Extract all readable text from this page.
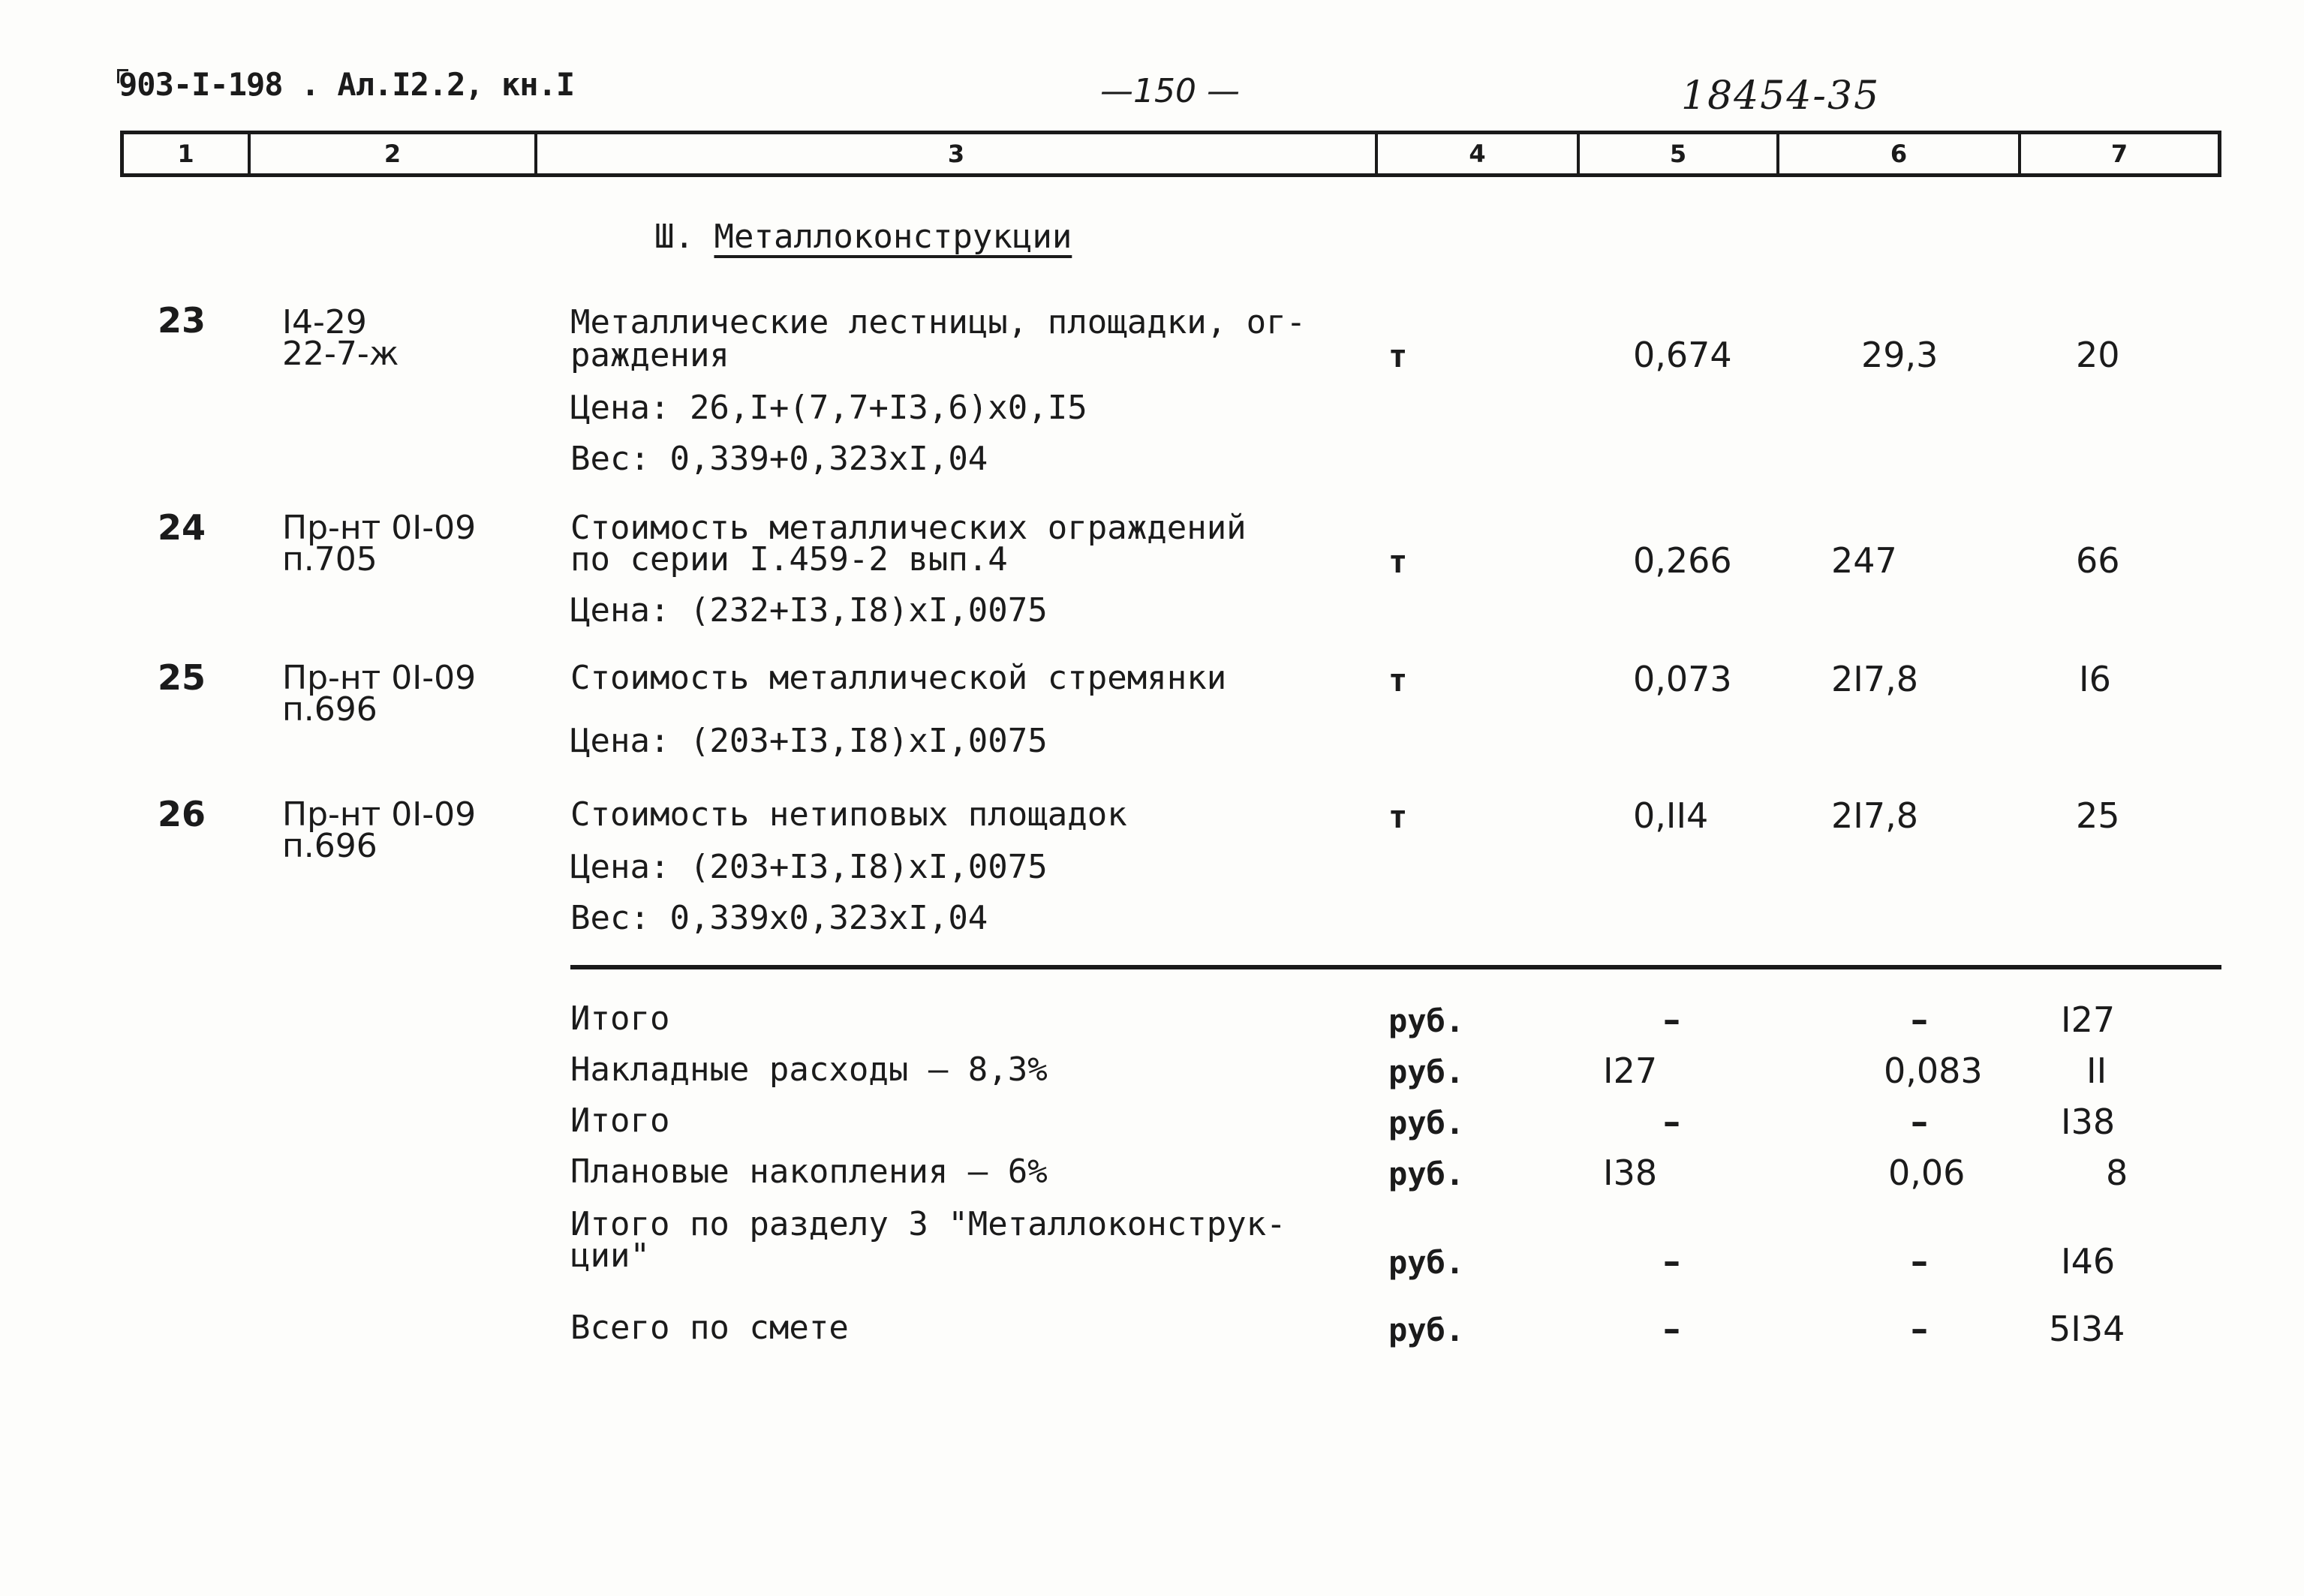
903-I-198 . Ал.I2.2, кн.I	—150 —	18454-35
1	2	3	4	5	6	7
Ш. Металлоконструкции
23 I4-29
22-7-ж
Металлические лестницы, площадки, ог-
раждения
Цена: 26,I+(7,7+I3,6)x0,I5
Вес: 0,339+0,323xI,04
т	0,674	29,3	20
24 Пр-нт 0I-09
п.705
Стоимость металлических ограждений
по серии I.459-2 вып.4
Цена: (232+I3,I8)xI,0075
т	0,266	247	66
25 Пр-нт 0I-09
п.696
Стоимость металлической стремянки
Цена: (203+I3,I8)xI,0075
т	0,073	2I7,8	I6
26 Пр-нт 0I-09
п.696
Стоимость нетиповых площадок
Цена: (203+I3,I8)xI,0075
Вес: 0,339x0,323xI,04
т	0,II4	2I7,8	25
Итого	руб.	–	–	I27
Накладные расходы – 8,3%	руб.	I27	0,083	II
Итого	руб.	–	–	I38
Плановые накопления – 6%	руб.	I38	0,06	8
Итого по разделу 3 "Металлоконструк-
ции"	руб.	–	–	I46
Всего по смете	руб.	–	–	5I34
